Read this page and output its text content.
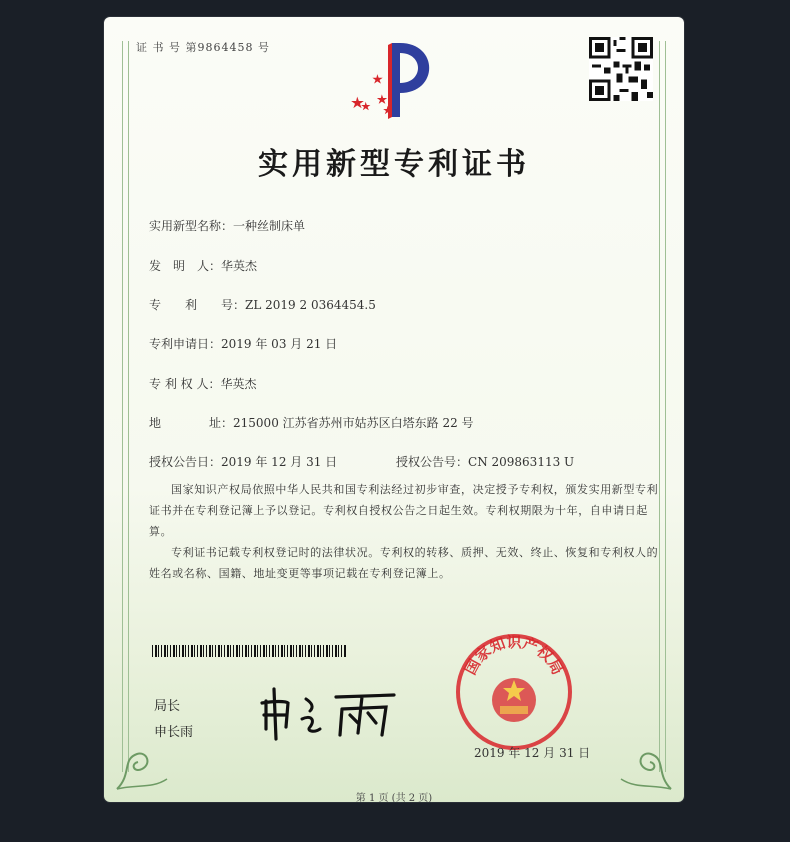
证 书 号 第9864458 号
实用新型专利证书
实用新型名称：一种丝制床单
发　明　人：华英杰
专　　利　　号：ZL 2019 2 0364454.5
专利申请日：2019 年 03 月 21 日
专 利 权 人：华英杰
地　　　　址：215000 江苏省苏州市姑苏区白塔东路 22 号
授权公告日：2019 年 12 月 31 日	授权公告号：CN 209863113 U
国家知识产权局依照中华人民共和国专利法经过初步审查，决定授予专利权，颁发实用新型专利证书并在专利登记簿上予以登记。专利权自授权公告之日起生效。专利权期限为十年，自申请日起算。
专利证书记载专利权登记时的法律状况。专利权的转移、质押、无效、终止、恢复和专利权人的姓名或名称、国籍、地址变更等事项记载在专利登记簿上。
局长
申长雨
国家知识产权局
2019 年 12 月 31 日
第 1 页 (共 2 页)
